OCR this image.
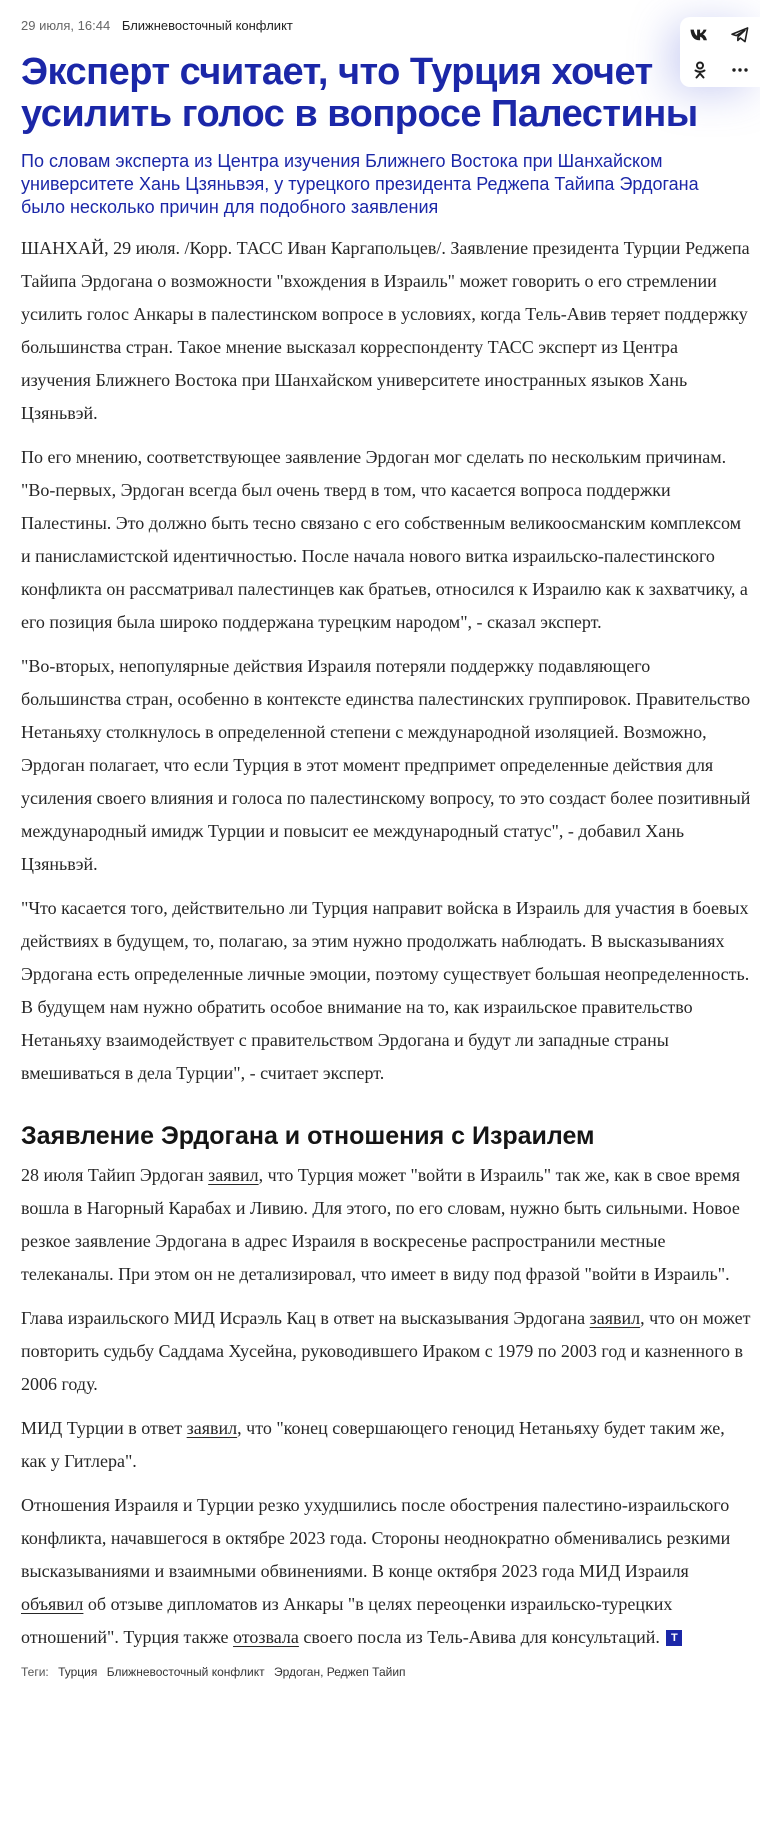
29 июля, 16:44 Ближневосточный конфликт
Эксперт считает, что Турция хочет усилить голос в вопросе Палестины
По словам эксперта из Центра изучения Ближнего Востока при Шанхайском университете Хань Цзяньвэя, у турецкого президента Реджепа Тайипа Эрдогана было несколько причин для подобного заявления

ШАНХАЙ, 29 июля. /Корр. ТАСС Иван Каргапольцев/. Заявление президента Турции Реджепа Тайипа Эрдогана о возможности "вхождения в Израиль" может говорить о его стремлении усилить голос Анкары в палестинском вопросе в условиях, когда Тель-Авив теряет поддержку большинства стран. Такое мнение высказал корреспонденту ТАСС эксперт из Центра изучения Ближнего Востока при Шанхайском университете иностранных языков Хань Цзяньвэй.

По его мнению, соответствующее заявление Эрдоган мог сделать по нескольким причинам. "Во-первых, Эрдоган всегда был очень тверд в том, что касается вопроса поддержки Палестины. Это должно быть тесно связано с его собственным великоосманским комплексом и панисламистской идентичностью. После начала нового витка израильско-палестинского конфликта он рассматривал палестинцев как братьев, относился к Израилю как к захватчику, а его позиция была широко поддержана турецким народом", - сказал эксперт.

"Во-вторых, непопулярные действия Израиля потеряли поддержку подавляющего большинства стран, особенно в контексте единства палестинских группировок. Правительство Нетаньяху столкнулось в определенной степени с международной изоляцией. Возможно, Эрдоган полагает, что если Турция в этот момент предпримет определенные действия для усиления своего влияния и голоса по палестинскому вопросу, то это создаст более позитивный международный имидж Турции и повысит ее международный статус", - добавил Хань Цзяньвэй.

"Что касается того, действительно ли Турция направит войска в Израиль для участия в боевых действиях в будущем, то, полагаю, за этим нужно продолжать наблюдать. В высказываниях Эрдогана есть определенные личные эмоции, поэтому существует большая неопределенность. В будущем нам нужно обратить особое внимание на то, как израильское правительство Нетаньяху взаимодействует с правительством Эрдогана и будут ли западные страны вмешиваться в дела Турции", - считает эксперт.

Заявление Эрдогана и отношения с Израилем

28 июля Тайип Эрдоган заявил, что Турция может "войти в Израиль" так же, как в свое время вошла в Нагорный Карабах и Ливию. Для этого, по его словам, нужно быть сильными. Новое резкое заявление Эрдогана в адрес Израиля в воскресенье распространили местные телеканалы. При этом он не детализировал, что имеет в виду под фразой "войти в Израиль".

Глава израильского МИД Исраэль Кац в ответ на высказывания Эрдогана заявил, что он может повторить судьбу Саддама Хусейна, руководившего Ираком с 1979 по 2003 год и казненного в 2006 году.

МИД Турции в ответ заявил, что "конец совершающего геноцид Нетаньяху будет таким же, как у Гитлера".

Отношения Израиля и Турции резко ухудшились после обострения палестино-израильского конфликта, начавшегося в октябре 2023 года. Стороны неоднократно обменивались резкими высказываниями и взаимными обвинениями. В конце октября 2023 года МИД Израиля объявил об отзыве дипломатов из Анкары "в целях переоценки израильско-турецких отношений". Турция также отозвала своего посла из Тель-Авива для консультаций. T

Теги: Турция Ближневосточный конфликт Эрдоган, Реджеп Тайип
